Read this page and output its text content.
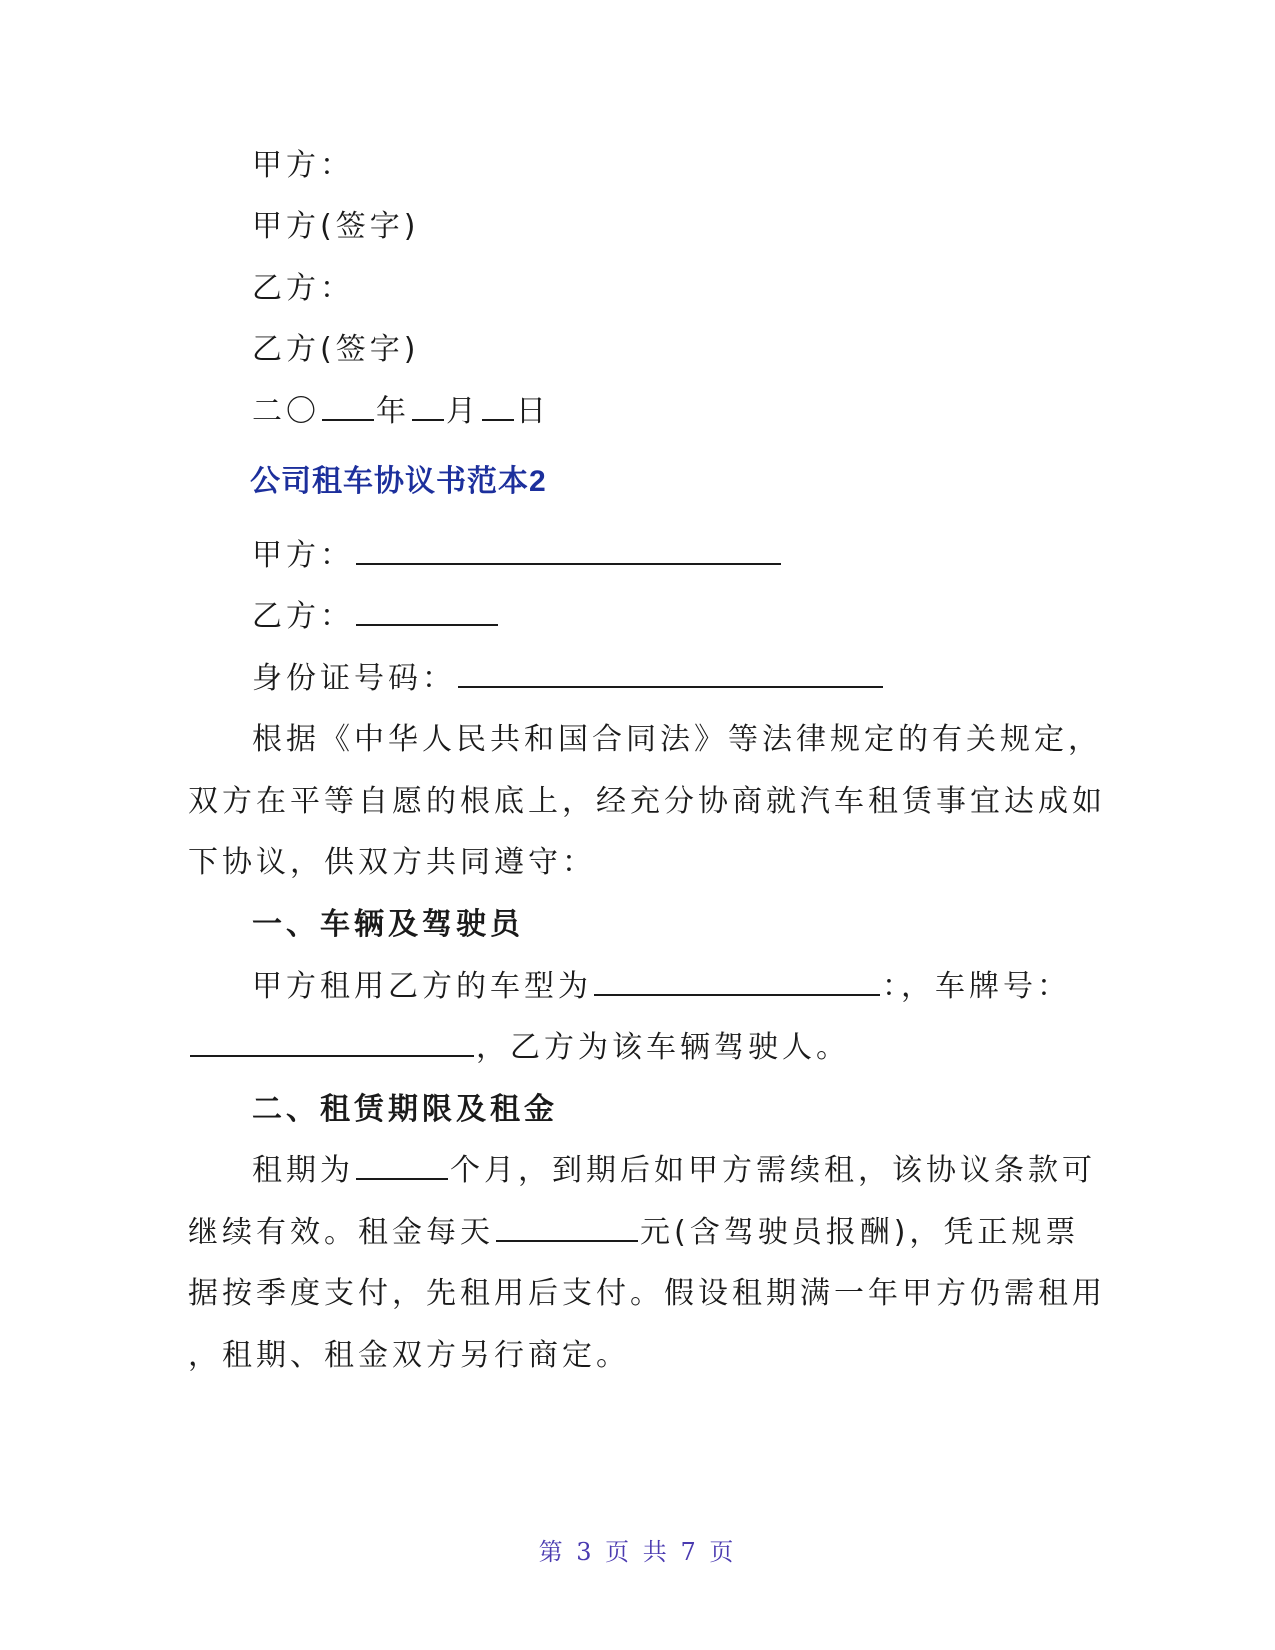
甲方：
甲方(签字)
乙方：
乙方(签字)
二〇 年 月 日
公司租车协议书范本2
甲方：
乙方：
身份证号码：
根据《中华人民共和国合同法》等法律规定的有关规定，
双方在平等自愿的根底上，经充分协商就汽车租赁事宜达成如
下协议，供双方共同遵守：
一、车辆及驾驶员
甲方租用乙方的车型为	：，车牌号：
，乙方为该车辆驾驶人。
二、租赁期限及租金
租期为	个月，到期后如甲方需续租，该协议条款可
继续有效。租金每天	元(含驾驶员报酬)，凭正规票
据按季度支付，先租用后支付。假设租期满一年甲方仍需租用
，租期、租金双方另行商定。
第 3 页 共 7 页
